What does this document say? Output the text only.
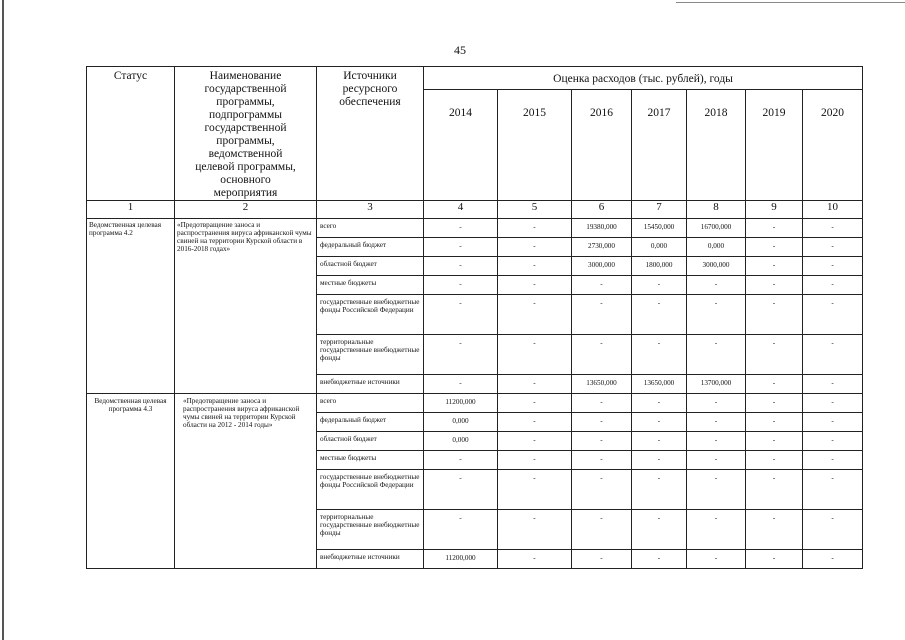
45
Статус	Наименование государственной программы, подпрограммы государственной программы, ведомственной целевой программы, основного мероприятия	Источники ресурсного обеспечения	Оценка расходов (тыс. рублей), годы						
			2014	2015	2016	2017	2018	2019	2020
1	2	3	4	5	6	7	8	9	10
Ведомственная целевая программа 4.2	«Предотвращение заноса и распространения вируса африканской чумы свиней на территории Курской области в 2016-2018 годах»	всего	-	-	19380,000	15450,000	16700,000	-	-
		федеральный бюджет	-	-	2730,000	0,000	0,000	-	-
		областной бюджет	-	-	3000,000	1800,000	3000,000	-	-
		местные бюджеты	-	-	-	-	-	-	-
		государственные внебюджетные фонды Российской Федерации	-	-	-	-	-	-	-
		территориальные государственные внебюджетные фонды	-	-	-	-	-	-	-
		внебюджетные источники	-	-	13650,000	13650,000	13700,000	-	-
Ведомственная целевая программа 4.3	«Предотвращение заноса и распространения вируса африканской чумы свиней на территории Курской области на 2012 - 2014 годы»	всего	11200,000	-	-	-	-	-	-
		федеральный бюджет	0,000	-	-	-	-	-	-
		областной бюджет	0,000	-	-	-	-	-	-
		местные бюджеты	-	-	-	-	-	-	-
		государственные внебюджетные фонды Российской Федерации	-	-	-	-	-	-	-
		территориальные государственные внебюджетные фонды	-	-	-	-	-	-	-
		внебюджетные источники	11200,000	-	-	-	-	-	-
